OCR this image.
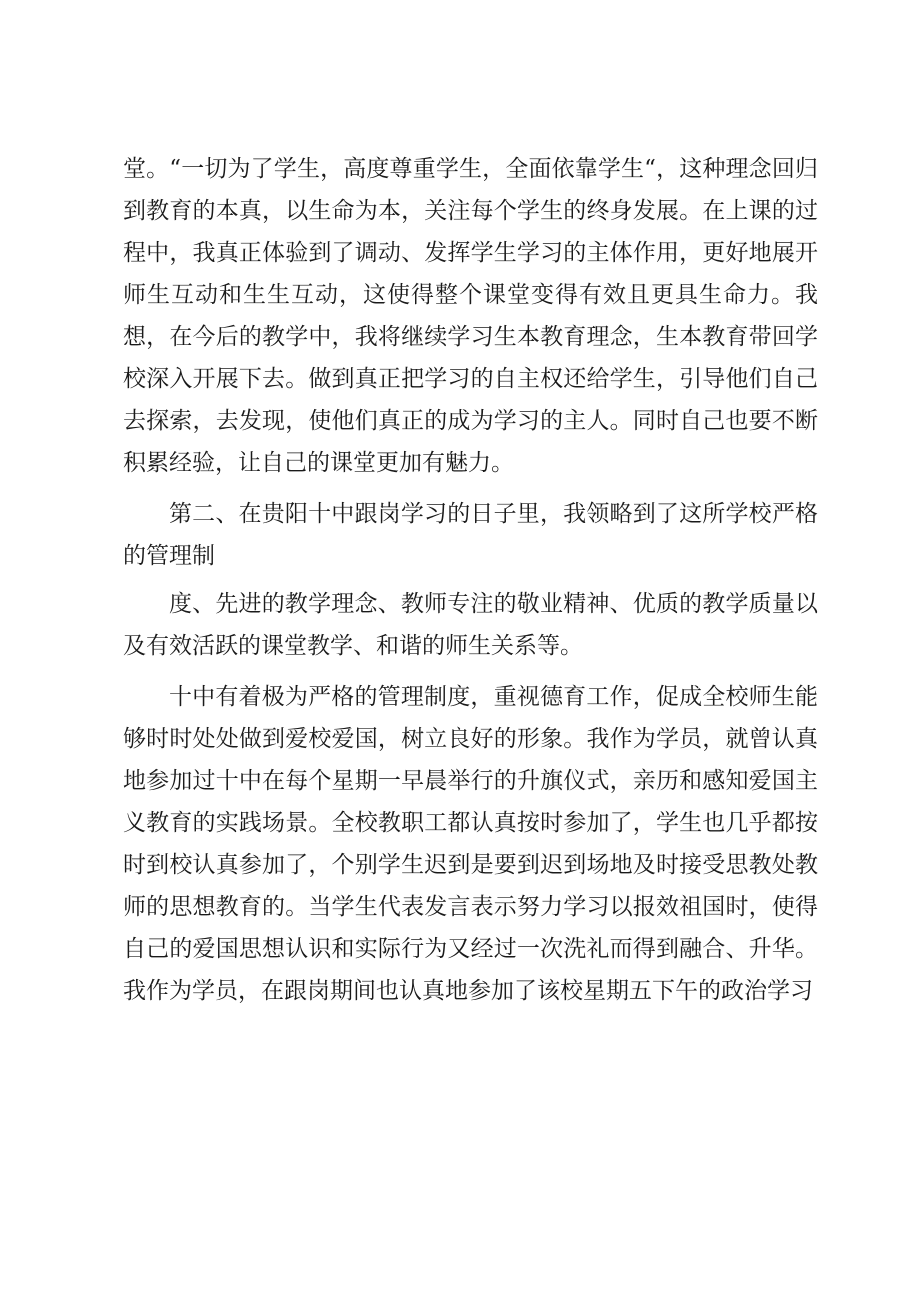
堂。“一切为了学生，高度尊重学生，全面依靠学生“，这种理念回归到教育的本真，以生命为本，关注每个学生的终身发展。在上课的过程中，我真正体验到了调动、发挥学生学习的主体作用，更好地展开师生互动和生生互动，这使得整个课堂变得有效且更具生命力。我想，在今后的教学中，我将继续学习生本教育理念，生本教育带回学校深入开展下去。做到真正把学习的自主权还给学生，引导他们自己去探索，去发现，使他们真正的成为学习的主人。同时自己也要不断积累经验，让自己的课堂更加有魅力。

第二、在贵阳十中跟岗学习的日子里，我领略到了这所学校严格的管理制

度、先进的教学理念、教师专注的敬业精神、优质的教学质量以及有效活跃的课堂教学、和谐的师生关系等。

十中有着极为严格的管理制度，重视德育工作，促成全校师生能够时时处处做到爱校爱国，树立良好的形象。我作为学员，就曾认真地参加过十中在每个星期一早晨举行的升旗仪式，亲历和感知爱国主义教育的实践场景。全校教职工都认真按时参加了，学生也几乎都按时到校认真参加了，个别学生迟到是要到迟到场地及时接受思教处教师的思想教育的。当学生代表发言表示努力学习以报效祖国时，使得自己的爱国思想认识和实际行为又经过一次洗礼而得到融合、升华。我作为学员，在跟岗期间也认真地参加了该校星期五下午的政治学习
